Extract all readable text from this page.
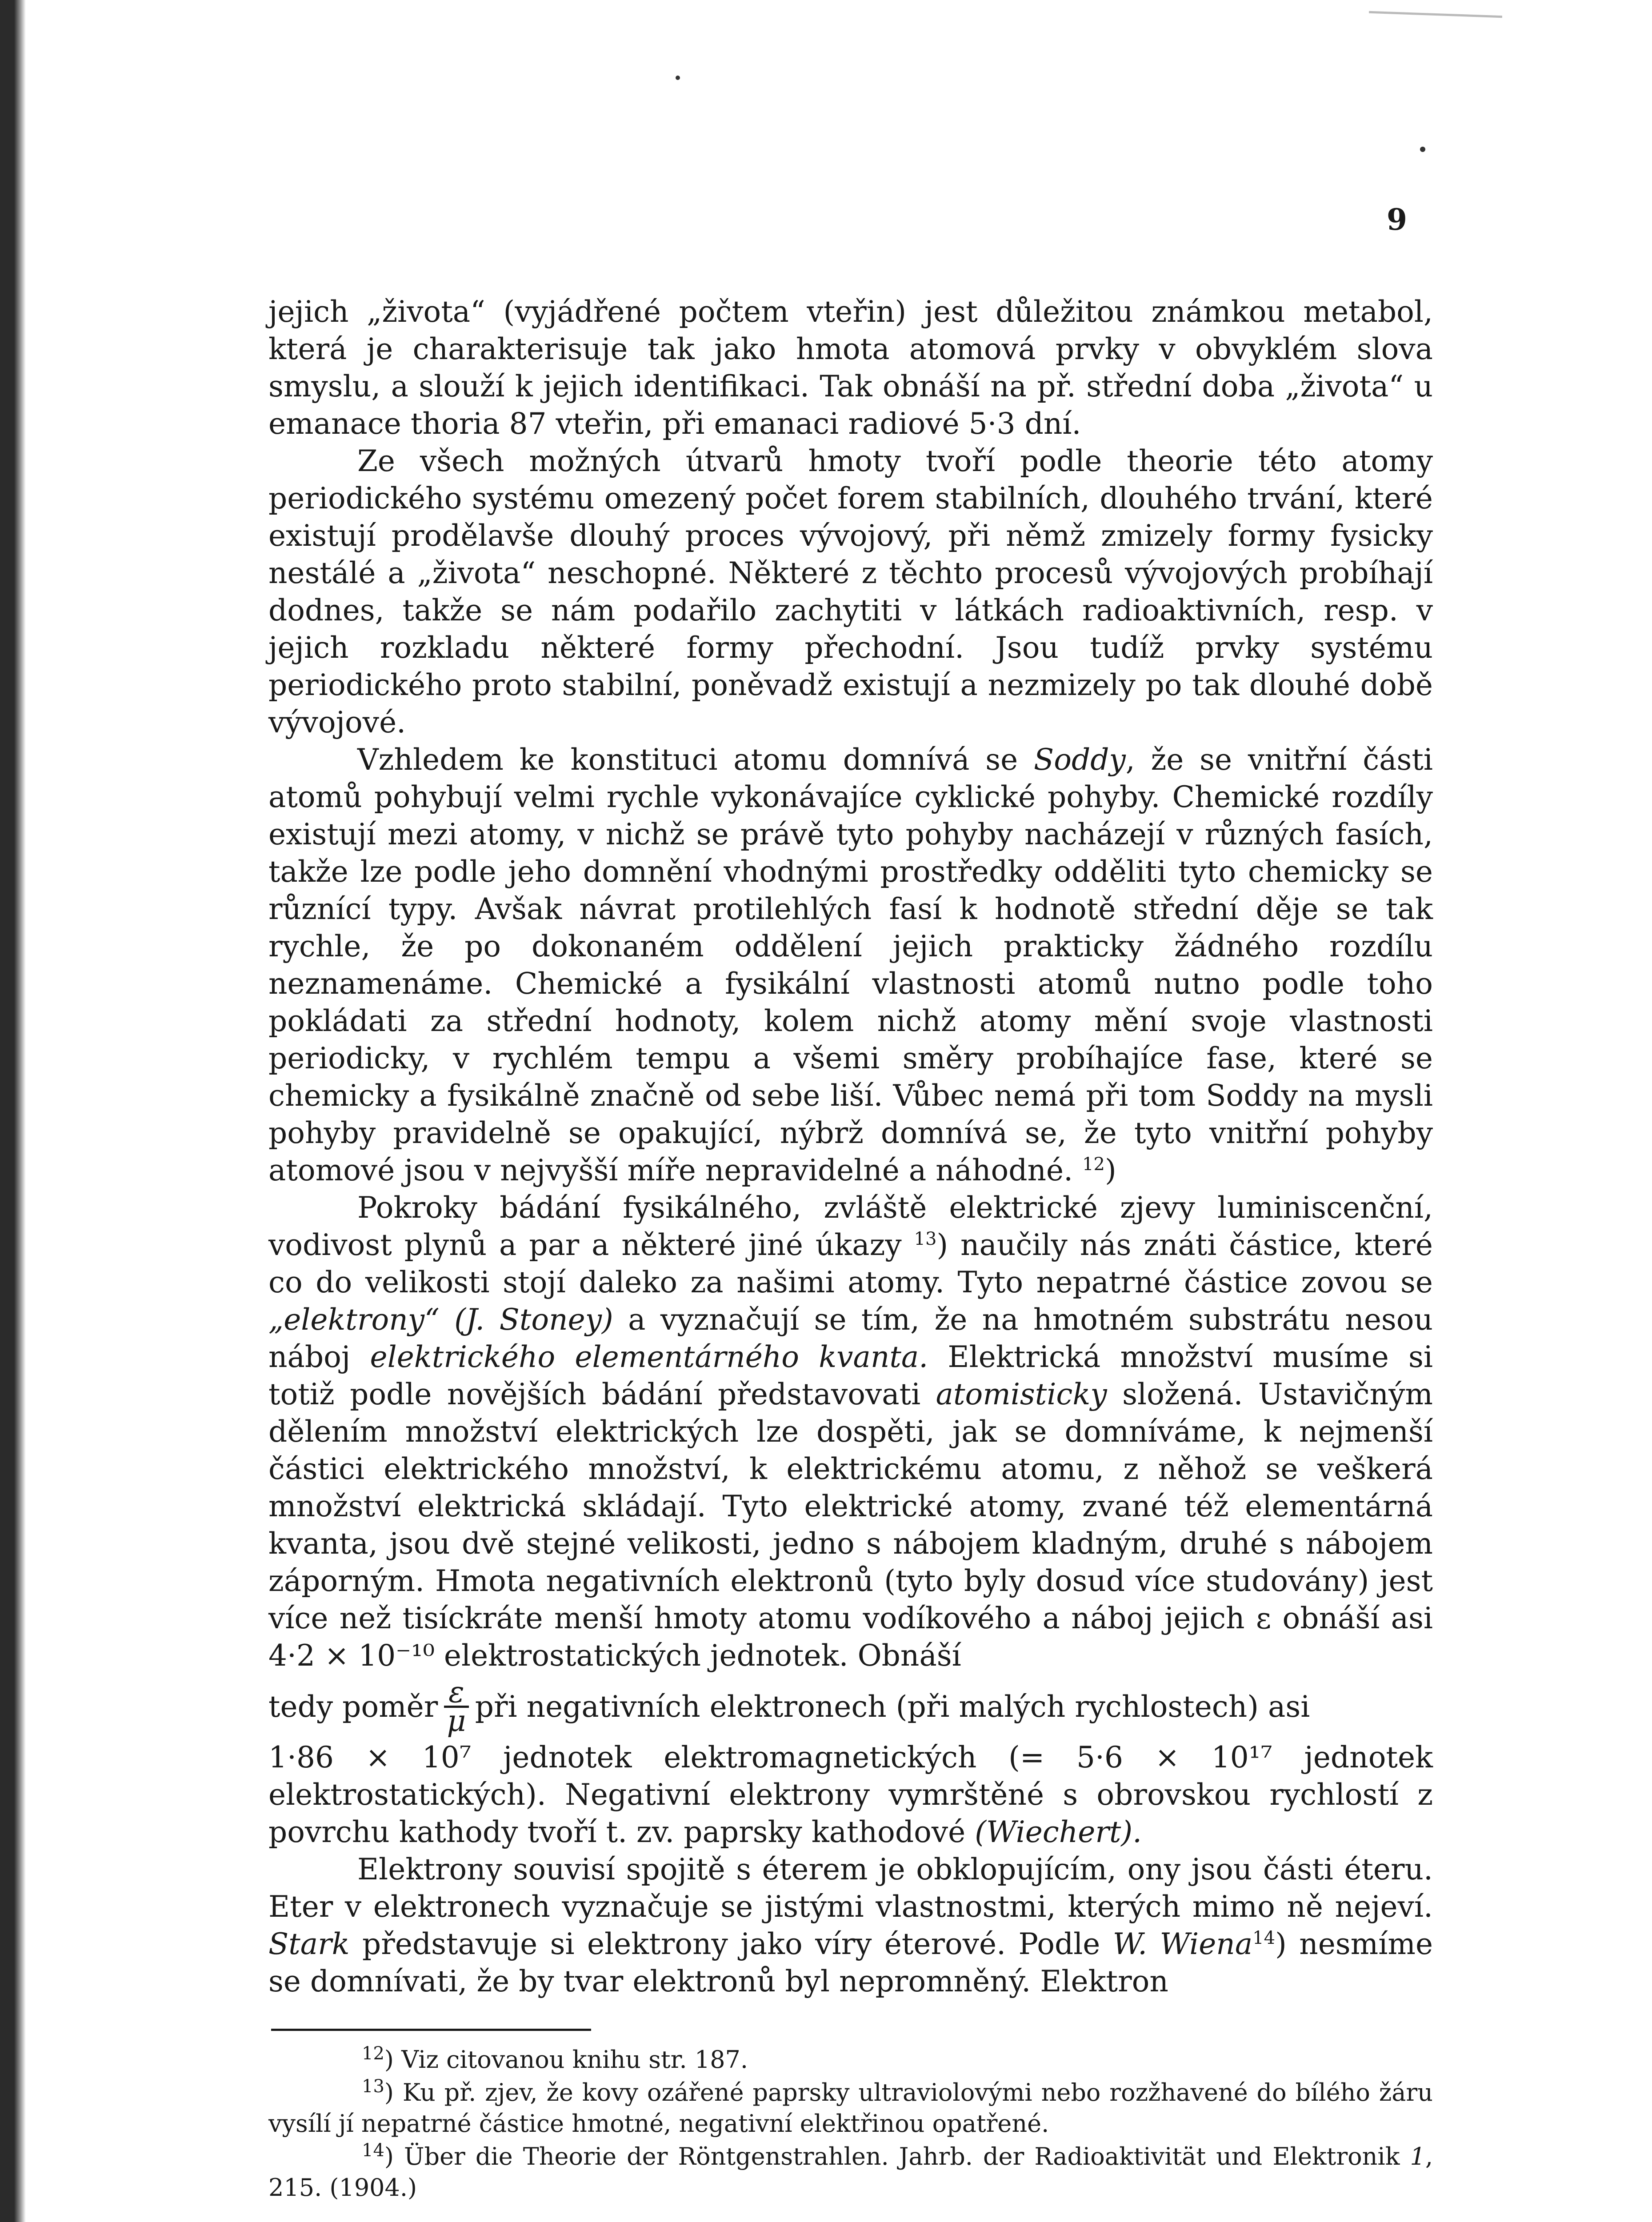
9

jejich „života“ (vyjádřené počtem vteřin) jest důležitou známkou metabol, která je charakterisuje tak jako hmota atomová prvky v obvyklém slova smyslu, a slouží k jejich identifikaci. Tak obnáší na př. střední doba „života“ u emanace thoria 87 vteřin, při emanaci radiové 5·3 dní.

Ze všech možných útvarů hmoty tvoří podle theorie této atomy periodického systému omezený počet forem stabilních, dlouhého trvání, které existují prodělavše dlouhý proces vývojový, při němž zmizely formy fysicky nestálé a „života“ neschopné. Některé z těchto procesů vývojových probíhají dodnes, takže se nám podařilo zachytiti v látkách radioaktivních, resp. v jejich rozkladu některé formy přechodní. Jsou tudíž prvky systému periodického proto stabilní, poněvadž existují a nezmizely po tak dlouhé době vývojové.

Vzhledem ke konstituci atomu domnívá se Soddy, že se vnitřní části atomů pohybují velmi rychle vykonávajíce cyklické pohyby. Chemické rozdíly existují mezi atomy, v nichž se právě tyto pohyby nacházejí v různých fasích, takže lze podle jeho domnění vhodnými prostředky odděliti tyto chemicky se různící typy. Avšak návrat protilehlých fasí k hodnotě střední děje se tak rychle, že po dokonaném oddělení jejich prakticky žádného rozdílu neznamenáme. Chemické a fysikální vlastnosti atomů nutno podle toho pokládati za střední hodnoty, kolem nichž atomy mění svoje vlastnosti periodicky, v rychlém tempu a všemi směry probíhajíce fase, které se chemicky a fysikálně značně od sebe liší. Vůbec nemá při tom Soddy na mysli pohyby pravidelně se opakující, nýbrž domnívá se, že tyto vnitřní pohyby atomové jsou v nejvyšší míře nepravidelné a náhodné. $^{12}$)

Pokroky bádání fysikálného, zvláště elektrické zjevy luminiscenční, vodivost plynů a par a některé jiné úkazy $^{13}$) naučily nás znáti částice, které co do velikosti stojí daleko za našimi atomy. Tyto nepatrné částice zovou se „elektrony“ (J. Stoney) a vyznačují se tím, že na hmotném substrátu nesou náboj elektrického elementárného kvanta. Elektrická množství musíme si totiž podle novějších bádání představovati atomisticky složená. Ustavičným dělením množství elektrických lze dospěti, jak se domníváme, k nejmenší částici elektrického množství, k elektrickému atomu, z něhož se veškerá množství elektrická skládají. Tyto elektrické atomy, zvané též elementárná kvanta, jsou dvě stejné velikosti, jedno s nábojem kladným, druhé s nábojem záporným. Hmota negativních elektronů (tyto byly dosud více studovány) jest více než tisíckráte menší hmoty atomu vodíkového a náboj jejich ε obnáší asi 4·2 × 10⁻¹⁰ elektrostatických jednotek. Obnáší

tedy poměr $\frac{\varepsilon}{\mu}$ při negativních elektronech (při malých rychlostech) asi

1·86 × 10⁷ jednotek elektromagnetických (= 5·6 × 10¹⁷ jednotek elektrostatických). Negativní elektrony vymrštěné s obrovskou rychlostí z povrchu kathody tvoří t. zv. paprsky kathodové (Wiechert).

Elektrony souvisí spojitě s éterem je obklopujícím, ony jsou části éteru. Eter v elektronech vyznačuje se jistými vlastnostmi, kterých mimo ně nejeví. Stark představuje si elektrony jako víry éterové. Podle W. Wiena$^{14}$) nesmíme se domnívati, že by tvar elektronů byl nepromněný. Elektron

$^{12}$) Viz citovanou knihu str. 187.

$^{13}$) Ku př. zjev, že kovy ozářené paprsky ultraviolovými nebo rozžhavené do bílého žáru vysílí jí nepatrné částice hmotné, negativní elektřinou opatřené.

$^{14}$) Über die Theorie der Röntgenstrahlen. Jahrb. der Radioaktivität und Elektronik 1, 215. (1904.)
